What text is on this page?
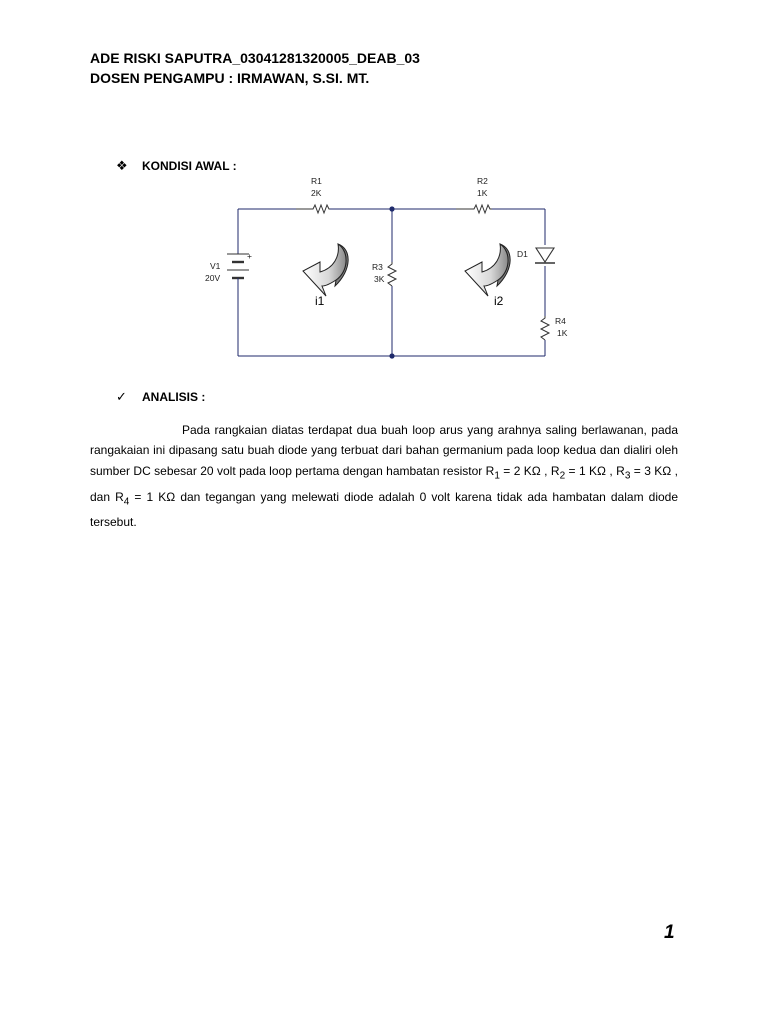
ADE RISKI SAPUTRA_03041281320005_DEAB_03
DOSEN PENGAMPU : IRMAWAN, S.SI. MT.
❖	KONDISI AWAL :
R1
2K
R2
1K
R3
3K
R4
1K
D1
+
V1
20V
i1	i2
✓	ANALISIS :
Pada rangkaian diatas terdapat dua buah loop arus yang arahnya saling berlawanan, pada rangakaian ini dipasang satu buah diode yang terbuat dari bahan germanium pada loop kedua dan dialiri oleh sumber DC sebesar 20 volt pada loop pertama dengan hambatan resistor $R_1 = 2$ KΩ , $R_2 = 1$ KΩ , $R_3 = 3$ KΩ , dan $R_4 = 1$ KΩ dan tegangan yang melewati diode adalah 0 volt karena tidak ada hambatan dalam diode tersebut.
1
